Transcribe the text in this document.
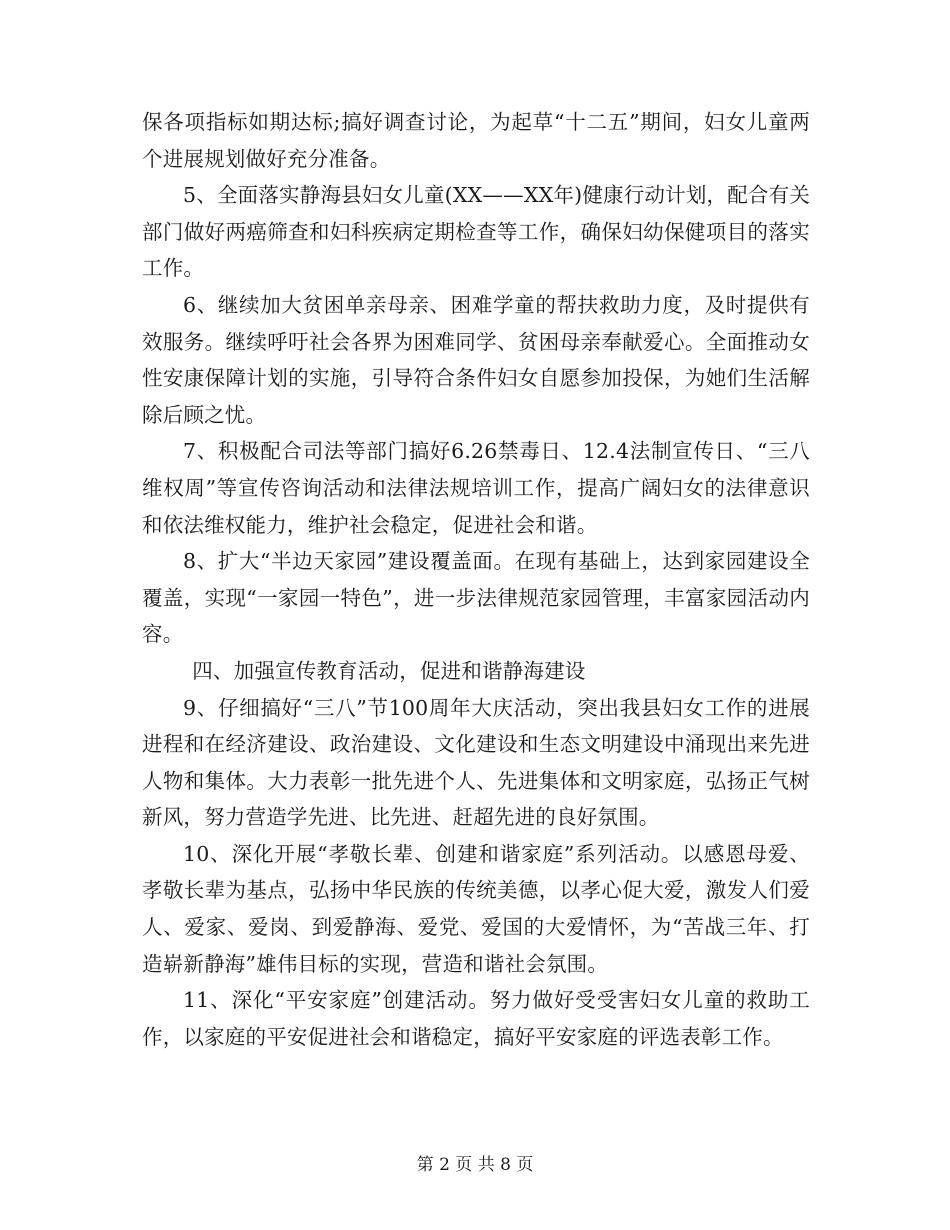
保各项指标如期达标;搞好调查讨论，为起草“十二五”期间，妇女儿童两个进展规划做好充分准备。

5、全面落实静海县妇女儿童(XX——XX年)健康行动计划，配合有关部门做好两癌筛查和妇科疾病定期检查等工作，确保妇幼保健项目的落实工作。

6、继续加大贫困单亲母亲、困难学童的帮扶救助力度，及时提供有效服务。继续呼吁社会各界为困难同学、贫困母亲奉献爱心。全面推动女性安康保障计划的实施，引导符合条件妇女自愿参加投保，为她们生活解除后顾之忧。

7、积极配合司法等部门搞好6.26禁毒日、12.4法制宣传日、“三八维权周”等宣传咨询活动和法律法规培训工作，提高广阔妇女的法律意识和依法维权能力，维护社会稳定，促进社会和谐。

8、扩大“半边天家园”建设覆盖面。在现有基础上，达到家园建设全覆盖，实现“一家园一特色”，进一步法律规范家园管理，丰富家园活动内容。

四、加强宣传教育活动，促进和谐静海建设

9、仔细搞好“三八”节100周年大庆活动，突出我县妇女工作的进展进程和在经济建设、政治建设、文化建设和生态文明建设中涌现出来先进人物和集体。大力表彰一批先进个人、先进集体和文明家庭，弘扬正气树新风，努力营造学先进、比先进、赶超先进的良好氛围。

10、深化开展“孝敬长辈、创建和谐家庭”系列活动。以感恩母爱、孝敬长辈为基点，弘扬中华民族的传统美德，以孝心促大爱，激发人们爱人、爱家、爱岗、到爱静海、爱党、爱国的大爱情怀，为“苦战三年、打造崭新静海”雄伟目标的实现，营造和谐社会氛围。

11、深化“平安家庭”创建活动。努力做好受受害妇女儿童的救助工作，以家庭的平安促进社会和谐稳定，搞好平安家庭的评选表彰工作。

第 2 页 共 8 页
